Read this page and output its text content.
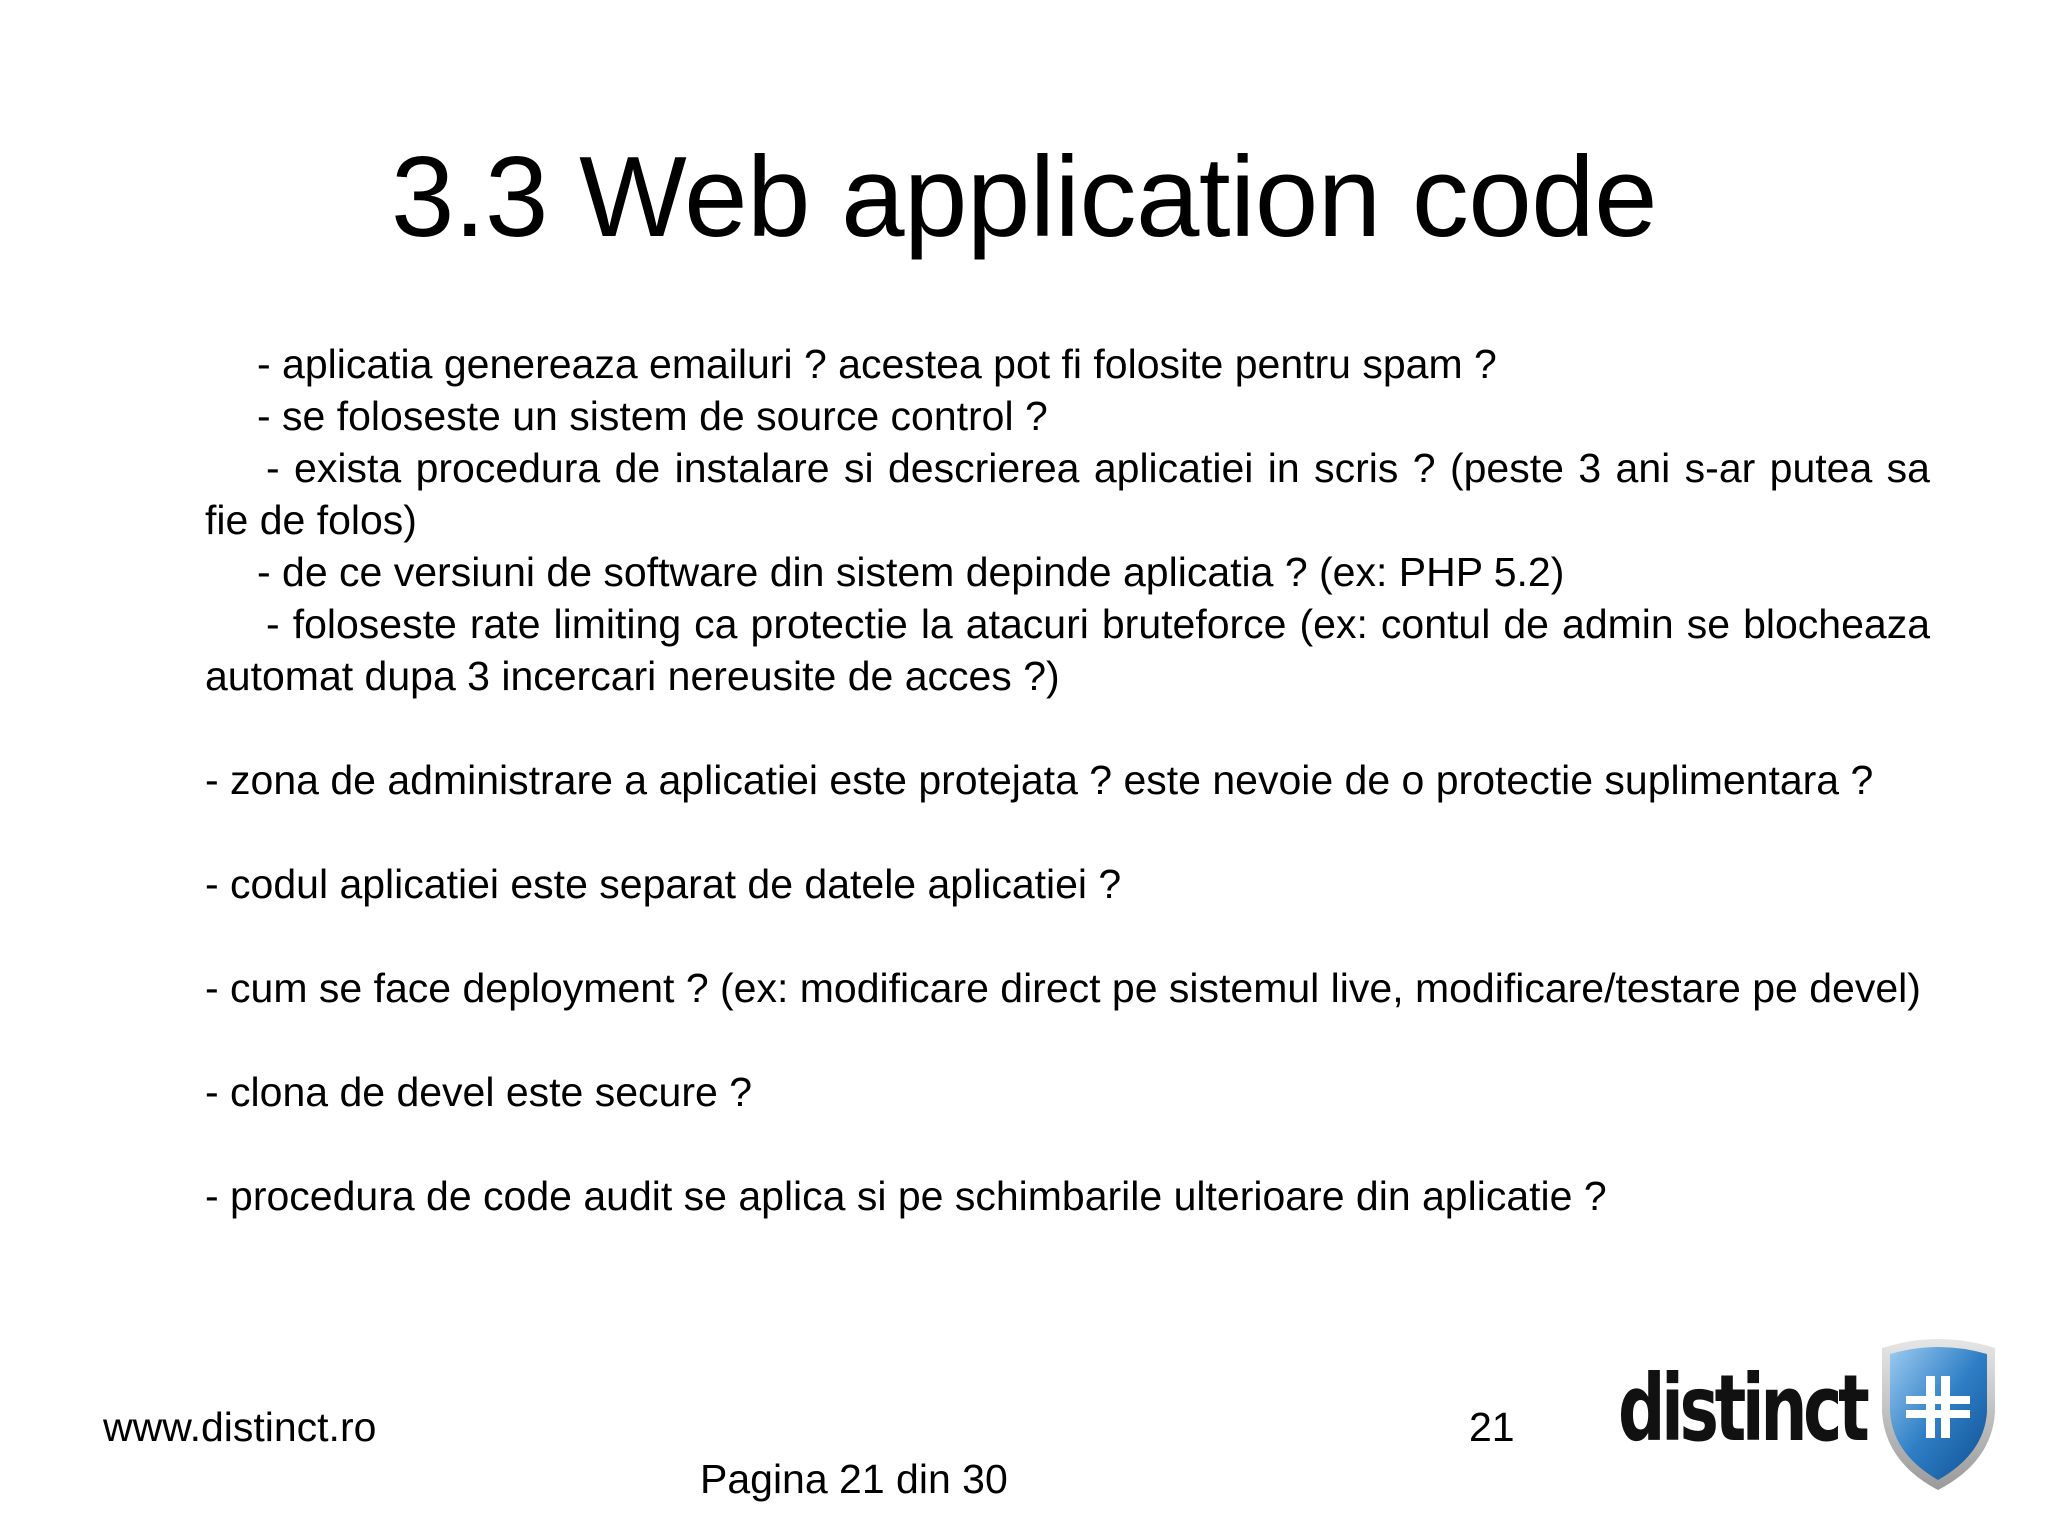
3.3 Web application code

- aplicatia genereaza emailuri ? acestea pot fi folosite pentru spam ?

- se foloseste un sistem de source control ?

- exista procedura de instalare si descrierea aplicatiei in scris ? (peste 3 ani s-ar putea sa fie de folos)

- de ce versiuni de software din sistem depinde aplicatia ? (ex: PHP 5.2)

- foloseste rate limiting ca protectie la atacuri bruteforce (ex: contul de admin se blocheaza automat dupa 3 incercari nereusite de acces ?)

- zona de administrare a aplicatiei este protejata ? este nevoie de o protectie suplimentara ?

- codul aplicatiei este separat de datele aplicatiei ?

- cum se face deployment ? (ex: modificare direct pe sistemul live, modificare/testare pe devel)

- clona de devel este secure ?

- procedura de code audit se aplica si pe schimbarile ulterioare din aplicatie ?

www.distinct.ro	21
Pagina 21 din 30
distinct
